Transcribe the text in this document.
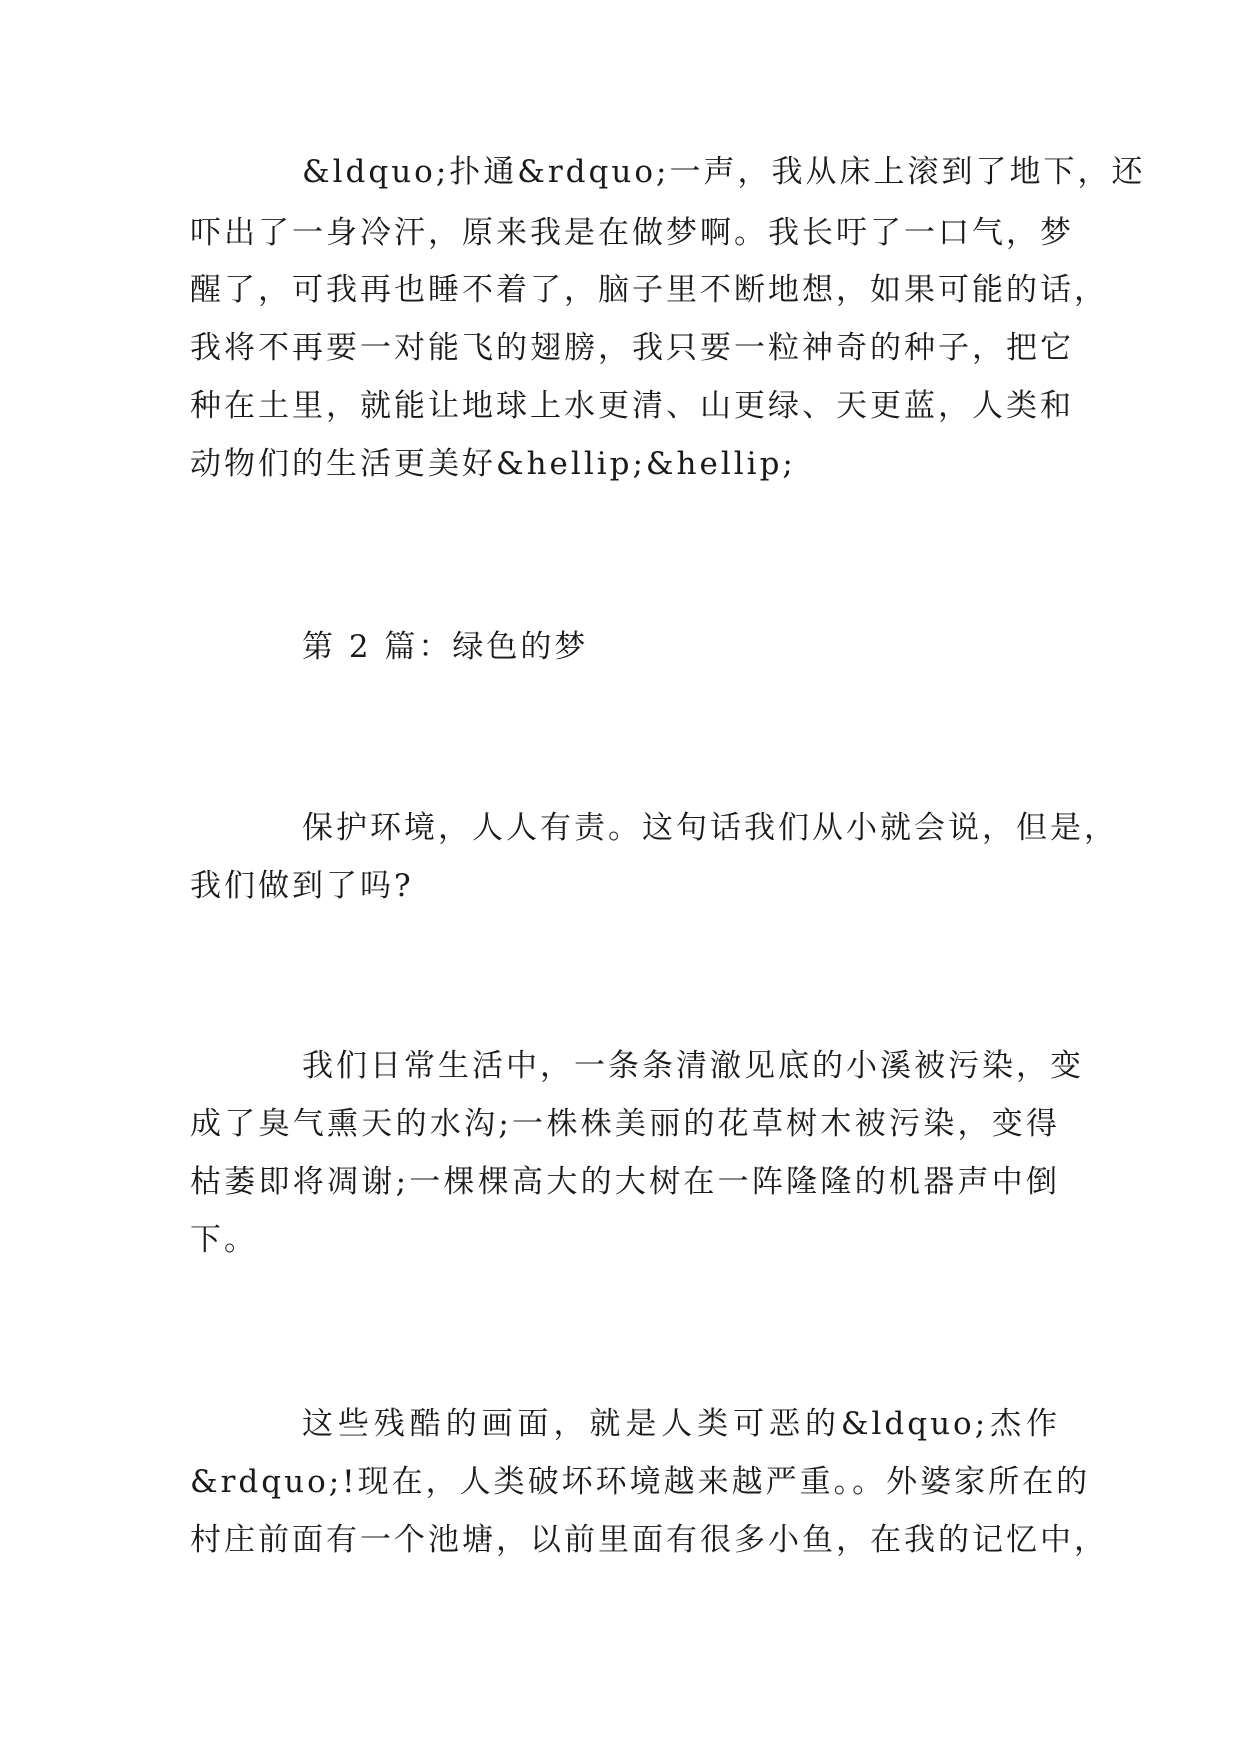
&ldquo;扑通&rdquo;一声，我从床上滚到了地下，还
吓出了一身冷汗，原来我是在做梦啊。我长吁了一口气，梦
醒了，可我再也睡不着了，脑子里不断地想，如果可能的话，
我将不再要一对能飞的翅膀，我只要一粒神奇的种子，把它
种在土里，就能让地球上水更清、山更绿、天更蓝，人类和
动物们的生活更美好&hellip;&hellip;
第 2 篇：绿色的梦
保护环境，人人有责。这句话我们从小就会说，但是，
我们做到了吗?
我们日常生活中，一条条清澈见底的小溪被污染，变
成了臭气熏天的水沟;一株株美丽的花草树木被污染，变得
枯萎即将凋谢;一棵棵高大的大树在一阵隆隆的机器声中倒
下。
这些残酷的画面，就是人类可恶的&ldquo;杰作
&rdquo;!现在，人类破坏环境越来越严重。。外婆家所在的
村庄前面有一个池塘，以前里面有很多小鱼，在我的记忆中，
